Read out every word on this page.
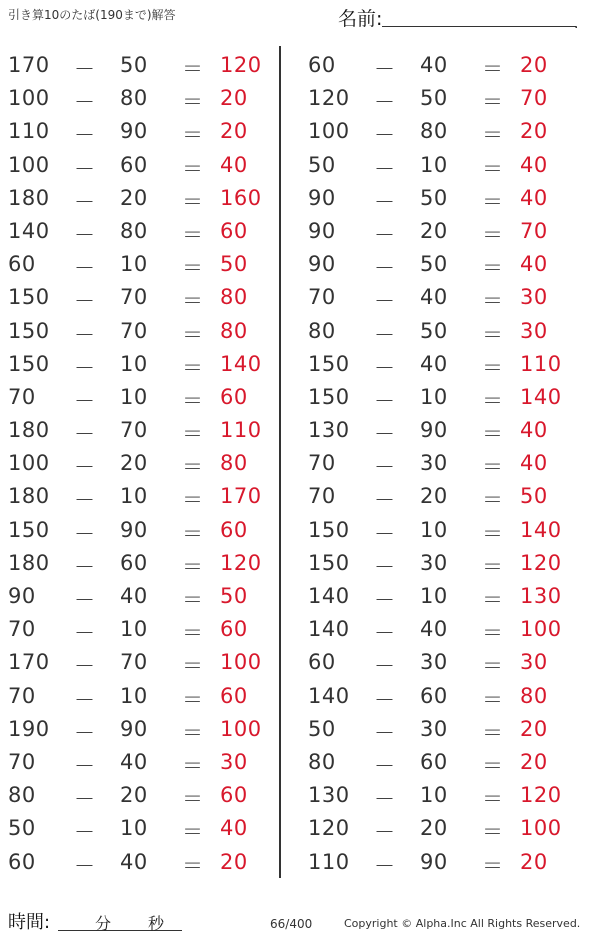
引き算10のたば(190まで)解答	名前:	.
170	－ 50	＝ 120
100	－ 80	＝ 20
110	－ 90	＝ 20
100	－ 60	＝ 40
180	－ 20	＝ 160
140	－ 80	＝ 60
60	－ 10	＝ 50
150	－ 70	＝ 80
150	－ 70	＝ 80
150	－ 10	＝ 140
70	－ 10	＝ 60
180	－ 70	＝ 110
100	－ 20	＝ 80
180	－ 10	＝ 170
150	－ 90	＝ 60
180	－ 60	＝ 120
90	－ 40	＝ 50
70	－ 10	＝ 60
170	－ 70	＝ 100
70	－ 10	＝ 60
190	－ 90	＝ 100
70	－ 40	＝ 30
80	－ 20	＝ 60
50	－ 10	＝ 40
60	－ 40	＝ 20
60	－ 40	＝ 20
120	－ 50	＝ 70
100	－ 80	＝ 20
50	－ 10	＝ 40
90	－ 50	＝ 40
90	－ 20	＝ 70
90	－ 50	＝ 40
70	－ 40	＝ 30
80	－ 50	＝ 30
150	－ 40	＝ 110
150	－ 10	＝ 140
130	－ 90	＝ 40
70	－ 30	＝ 40
70	－ 20	＝ 50
150	－ 10	＝ 140
150	－ 30	＝ 120
140	－ 10	＝ 130
140	－ 40	＝ 100
60	－ 30	＝ 30
140	－ 60	＝ 80
50	－ 30	＝ 20
80	－ 60	＝ 20
130	－ 10	＝ 120
120	－ 20	＝ 100
110	－ 90	＝ 20
時間:	分 秒	66/400	Copyright © Alpha.Inc All Rights Reserved.
